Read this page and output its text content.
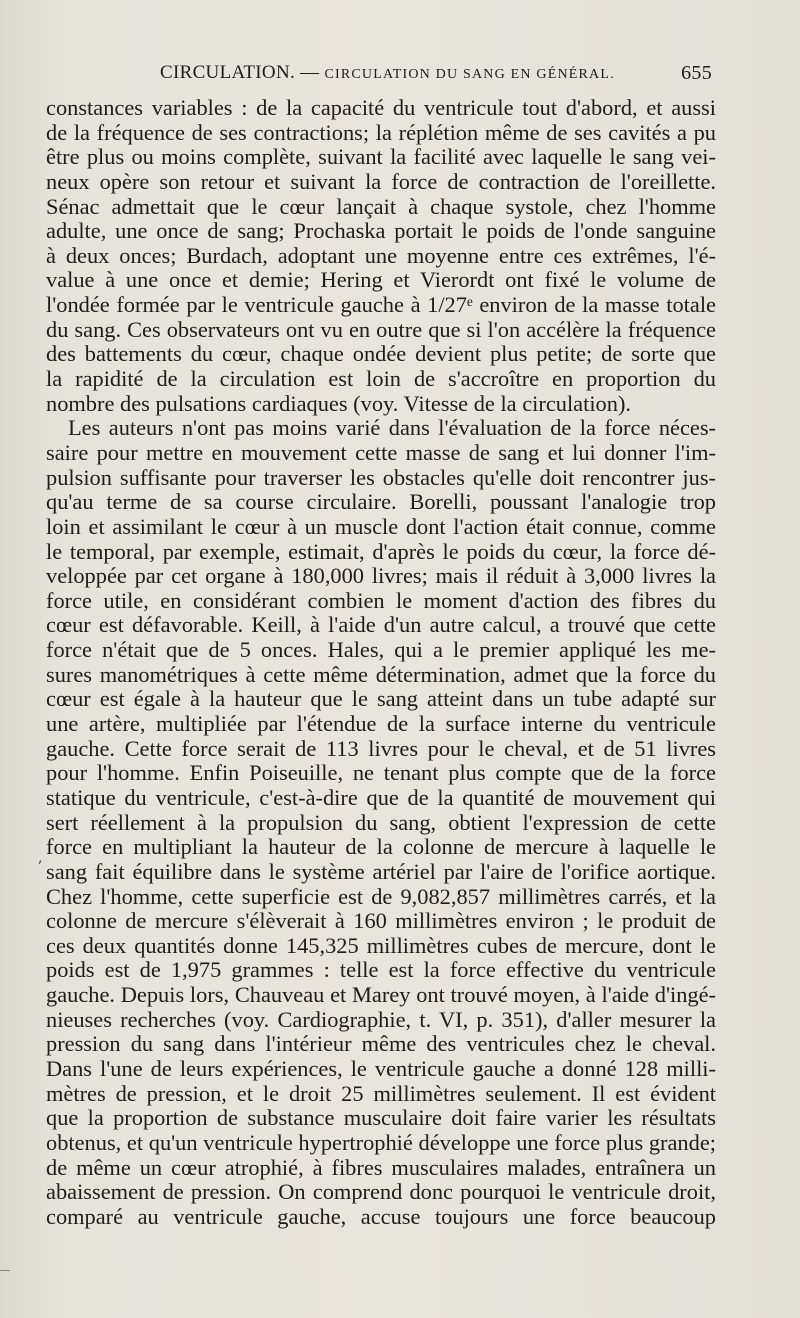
CIRCULATION. — CIRCULATION DU SANG EN GÉNÉRAL.	655
constances variables : de la capacité du ventricule tout d'abord, et aussi
de la fréquence de ses contractions; la réplétion même de ses cavités a pu
être plus ou moins complète, suivant la facilité avec laquelle le sang vei-
neux opère son retour et suivant la force de contraction de l'oreillette.
Sénac admettait que le cœur lançait à chaque systole, chez l'homme
adulte, une once de sang; Prochaska portait le poids de l'onde sanguine
à deux onces; Burdach, adoptant une moyenne entre ces extrêmes, l'é-
value à une once et demie; Hering et Vierordt ont fixé le volume de
l'ondée formée par le ventricule gauche à 1/27ᵉ environ de la masse totale
du sang. Ces observateurs ont vu en outre que si l'on accélère la fréquence
des battements du cœur, chaque ondée devient plus petite; de sorte que
la rapidité de la circulation est loin de s'accroître en proportion du
nombre des pulsations cardiaques (voy. Vitesse de la circulation).
Les auteurs n'ont pas moins varié dans l'évaluation de la force néces-
saire pour mettre en mouvement cette masse de sang et lui donner l'im-
pulsion suffisante pour traverser les obstacles qu'elle doit rencontrer jus-
qu'au terme de sa course circulaire. Borelli, poussant l'analogie trop
loin et assimilant le cœur à un muscle dont l'action était connue, comme
le temporal, par exemple, estimait, d'après le poids du cœur, la force dé-
veloppée par cet organe à 180,000 livres; mais il réduit à 3,000 livres la
force utile, en considérant combien le moment d'action des fibres du
cœur est défavorable. Keill, à l'aide d'un autre calcul, a trouvé que cette
force n'était que de 5 onces. Hales, qui a le premier appliqué les me-
sures manométriques à cette même détermination, admet que la force du
cœur est égale à la hauteur que le sang atteint dans un tube adapté sur
une artère, multipliée par l'étendue de la surface interne du ventricule
gauche. Cette force serait de 113 livres pour le cheval, et de 51 livres
pour l'homme. Enfin Poiseuille, ne tenant plus compte que de la force
statique du ventricule, c'est-à-dire que de la quantité de mouvement qui
sert réellement à la propulsion du sang, obtient l'expression de cette
force en multipliant la hauteur de la colonne de mercure à laquelle le
sang fait équilibre dans le système artériel par l'aire de l'orifice aortique.
Chez l'homme, cette superficie est de 9,082,857 millimètres carrés, et la
colonne de mercure s'élèverait à 160 millimètres environ ; le produit de
ces deux quantités donne 145,325 millimètres cubes de mercure, dont le
poids est de 1,975 grammes : telle est la force effective du ventricule
gauche. Depuis lors, Chauveau et Marey ont trouvé moyen, à l'aide d'ingé-
nieuses recherches (voy. Cardiographie, t. VI, p. 351), d'aller mesurer la
pression du sang dans l'intérieur même des ventricules chez le cheval.
Dans l'une de leurs expériences, le ventricule gauche a donné 128 milli-
mètres de pression, et le droit 25 millimètres seulement. Il est évident
que la proportion de substance musculaire doit faire varier les résultats
obtenus, et qu'un ventricule hypertrophié développe une force plus grande;
de même un cœur atrophié, à fibres musculaires malades, entraînera un
abaissement de pression. On comprend donc pourquoi le ventricule droit,
comparé au ventricule gauche, accuse toujours une force beaucoup
,
